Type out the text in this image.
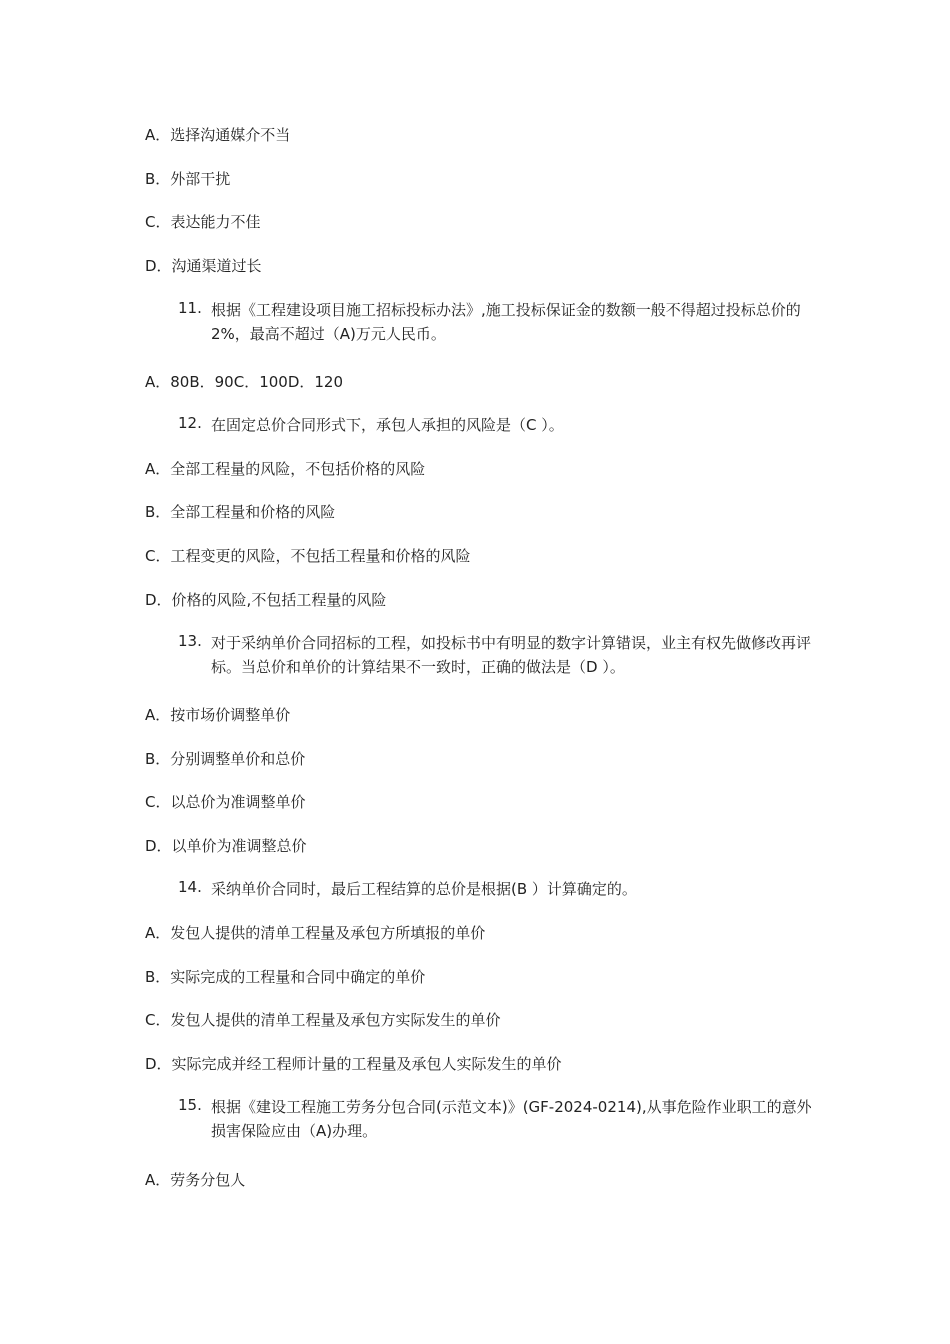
A．选择沟通媒介不当
B．外部干扰
C．表达能力不佳
D．沟通渠道过长
11. 根据《工程建设项目施工招标投标办法》,施工投标保证金的数额一般不得超过投标总价的 2%，最高不超过（A)万元人民币。
A．80B．90C．100D．120
12. 在固定总价合同形式下，承包人承担的风险是（C ）。
A．全部工程量的风险，不包括价格的风险
B．全部工程量和价格的风险
C．工程变更的风险，不包括工程量和价格的风险
D．价格的风险,不包括工程量的风险
13. 对于采纳单价合同招标的工程，如投标书中有明显的数字计算错误，业主有权先做修改再评标。当总价和单价的计算结果不一致时，正确的做法是（D ）。
A．按市场价调整单价
B．分别调整单价和总价
C．以总价为准调整单价
D．以单价为准调整总价
14. 采纳单价合同时，最后工程结算的总价是根据(B ）计算确定的。
A．发包人提供的清单工程量及承包方所填报的单价
B．实际完成的工程量和合同中确定的单价
C．发包人提供的清单工程量及承包方实际发生的单价
D．实际完成并经工程师计量的工程量及承包人实际发生的单价
15. 根据《建设工程施工劳务分包合同(示范文本)》(GF-2024-0214),从事危险作业职工的意外损害保险应由（A)办理。
A．劳务分包人
